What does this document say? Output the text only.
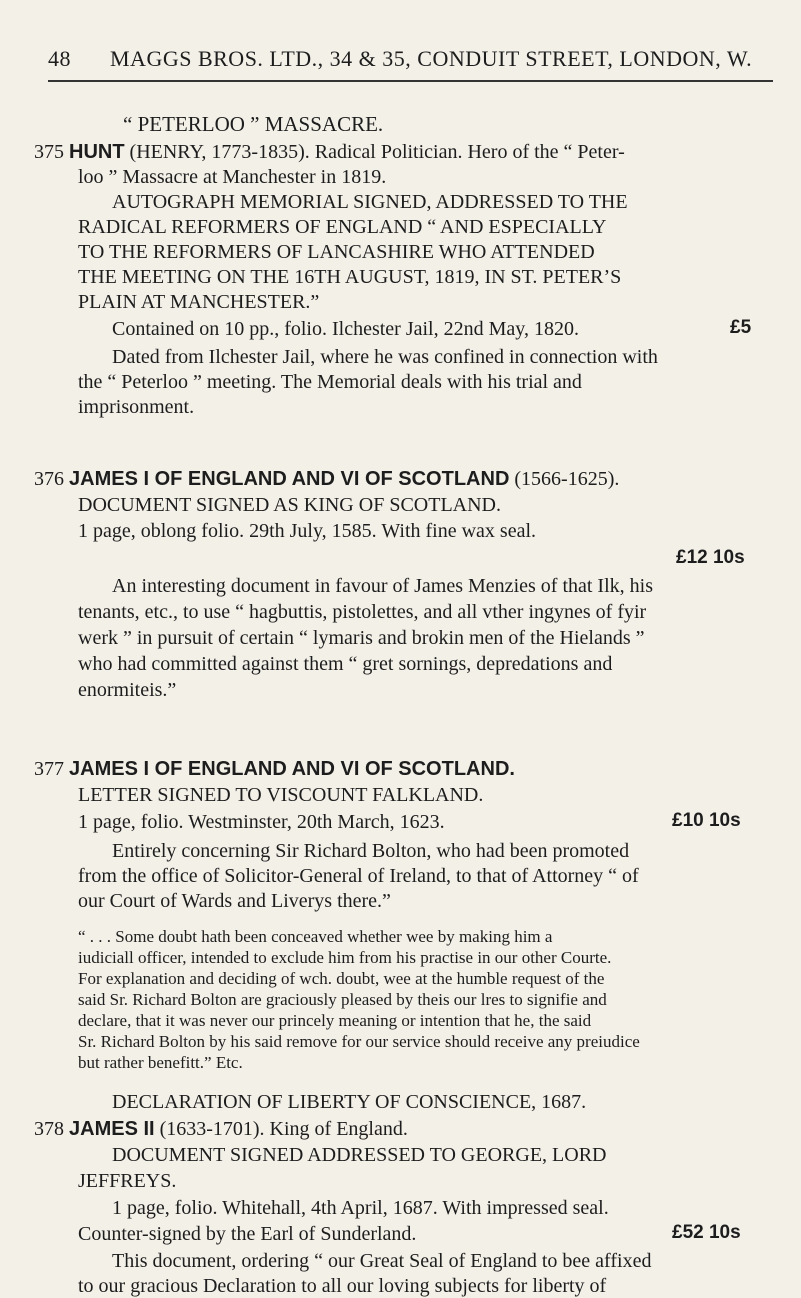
48 MAGGS BROS. LTD., 34 & 35, CONDUIT STREET, LONDON, W.
“ PETERLOO ” MASSACRE.
375 HUNT (HENRY, 1773-1835). Radical Politician. Hero of the “ Peter-
loo ” Massacre at Manchester in 1819.
AUTOGRAPH MEMORIAL SIGNED, ADDRESSED TO THE
RADICAL REFORMERS OF ENGLAND “ AND ESPECIALLY
TO THE REFORMERS OF LANCASHIRE WHO ATTENDED
THE MEETING ON THE 16TH AUGUST, 1819, IN ST. PETER’S
PLAIN AT MANCHESTER.”
Contained on 10 pp., folio. Ilchester Jail, 22nd May, 1820.	£5
Dated from Ilchester Jail, where he was confined in connection with
the “ Peterloo ” meeting. The Memorial deals with his trial and
imprisonment.
376 JAMES I OF ENGLAND AND VI OF SCOTLAND (1566-1625).
DOCUMENT SIGNED AS KING OF SCOTLAND.
1 page, oblong folio. 29th July, 1585. With fine wax seal.
£12 10s
An interesting document in favour of James Menzies of that Ilk, his
tenants, etc., to use “ hagbuttis, pistolettes, and all vther ingynes of fyir
werk ” in pursuit of certain “ lymaris and brokin men of the Hielands ”
who had committed against them “ gret sornings, depredations and
enormiteis.”
377 JAMES I OF ENGLAND AND VI OF SCOTLAND.
LETTER SIGNED TO VISCOUNT FALKLAND.
1 page, folio. Westminster, 20th March, 1623.	£10 10s
Entirely concerning Sir Richard Bolton, who had been promoted
from the office of Solicitor-General of Ireland, to that of Attorney “ of
our Court of Wards and Liverys there.”
“ . . . Some doubt hath been conceaved whether wee by making him a
iudiciall officer, intended to exclude him from his practise in our other Courte.
For explanation and deciding of wch. doubt, wee at the humble request of the
said Sr. Richard Bolton are graciously pleased by theis our lres to signifie and
declare, that it was never our princely meaning or intention that he, the said
Sr. Richard Bolton by his said remove for our service should receive any preiudice
but rather benefitt.” Etc.
DECLARATION OF LIBERTY OF CONSCIENCE, 1687.
378 JAMES II (1633-1701). King of England.
DOCUMENT SIGNED ADDRESSED TO GEORGE, LORD
JEFFREYS.
1 page, folio. Whitehall, 4th April, 1687. With impressed seal.
Counter-signed by the Earl of Sunderland.	£52 10s
This document, ordering “ our Great Seal of England to bee affixed
to our gracious Declaration to all our loving subjects for liberty of
